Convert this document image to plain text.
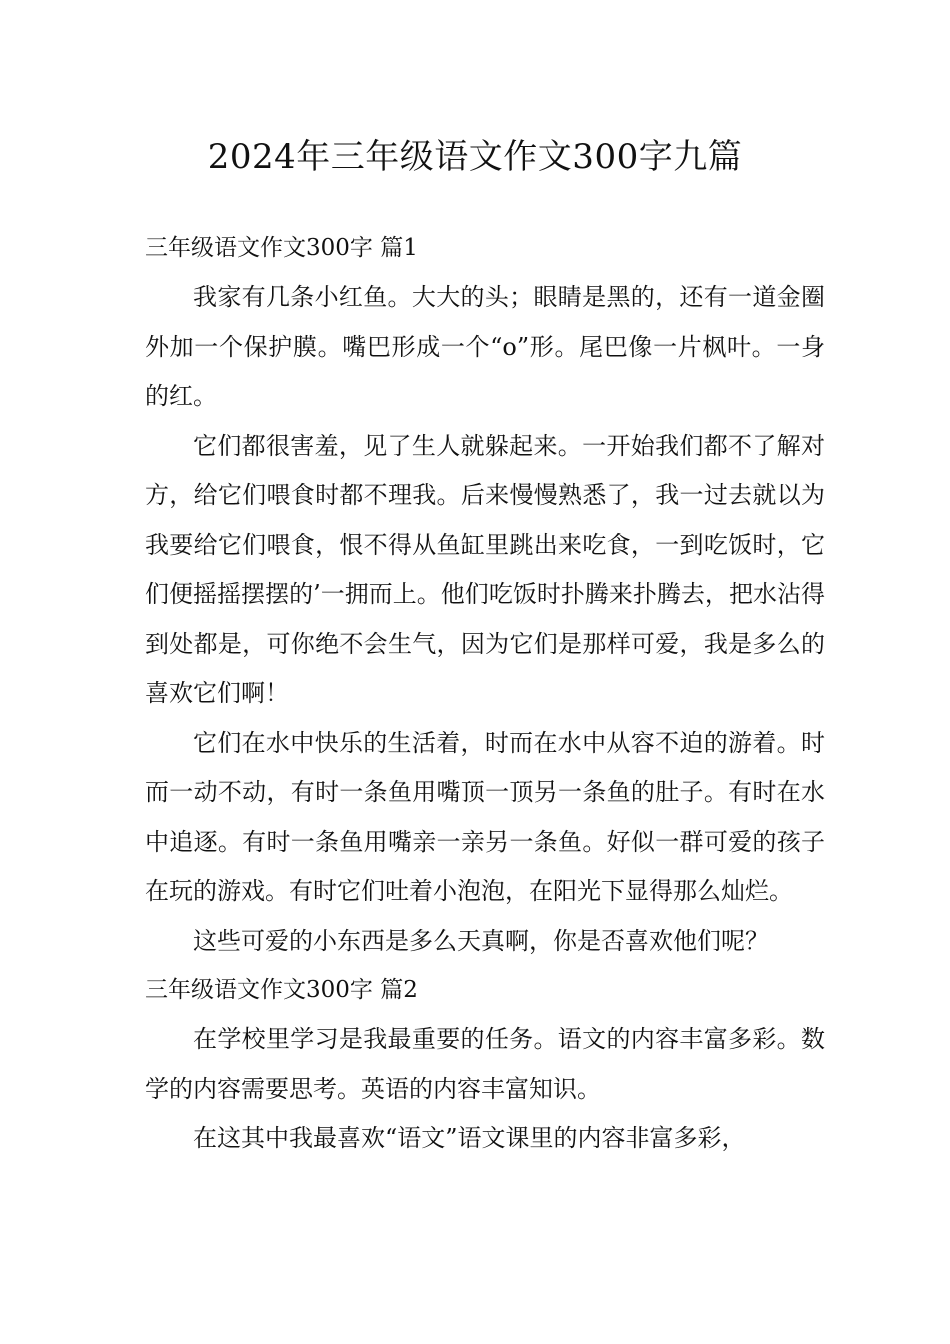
2024年三年级语文作文300字九篇

三年级语文作文300字 篇1

我家有几条小红鱼。大大的头；眼睛是黑的，还有一道金圈外加一个保护膜。嘴巴形成一个“o”形。尾巴像一片枫叶。一身的红。

它们都很害羞，见了生人就躲起来。一开始我们都不了解对方，给它们喂食时都不理我。后来慢慢熟悉了，我一过去就以为我要给它们喂食，恨不得从鱼缸里跳出来吃食，一到吃饭时，它们便摇摇摆摆的’一拥而上。他们吃饭时扑腾来扑腾去，把水沾得到处都是，可你绝不会生气，因为它们是那样可爱，我是多么的喜欢它们啊！

它们在水中快乐的生活着，时而在水中从容不迫的游着。时而一动不动，有时一条鱼用嘴顶一顶另一条鱼的肚子。有时在水中追逐。有时一条鱼用嘴亲一亲另一条鱼。好似一群可爱的孩子在玩的游戏。有时它们吐着小泡泡，在阳光下显得那么灿烂。

这些可爱的小东西是多么天真啊，你是否喜欢他们呢？

三年级语文作文300字 篇2

在学校里学习是我最重要的任务。语文的内容丰富多彩。数学的内容需要思考。英语的内容丰富知识。

在这其中我最喜欢“语文”语文课里的内容非富多彩，
